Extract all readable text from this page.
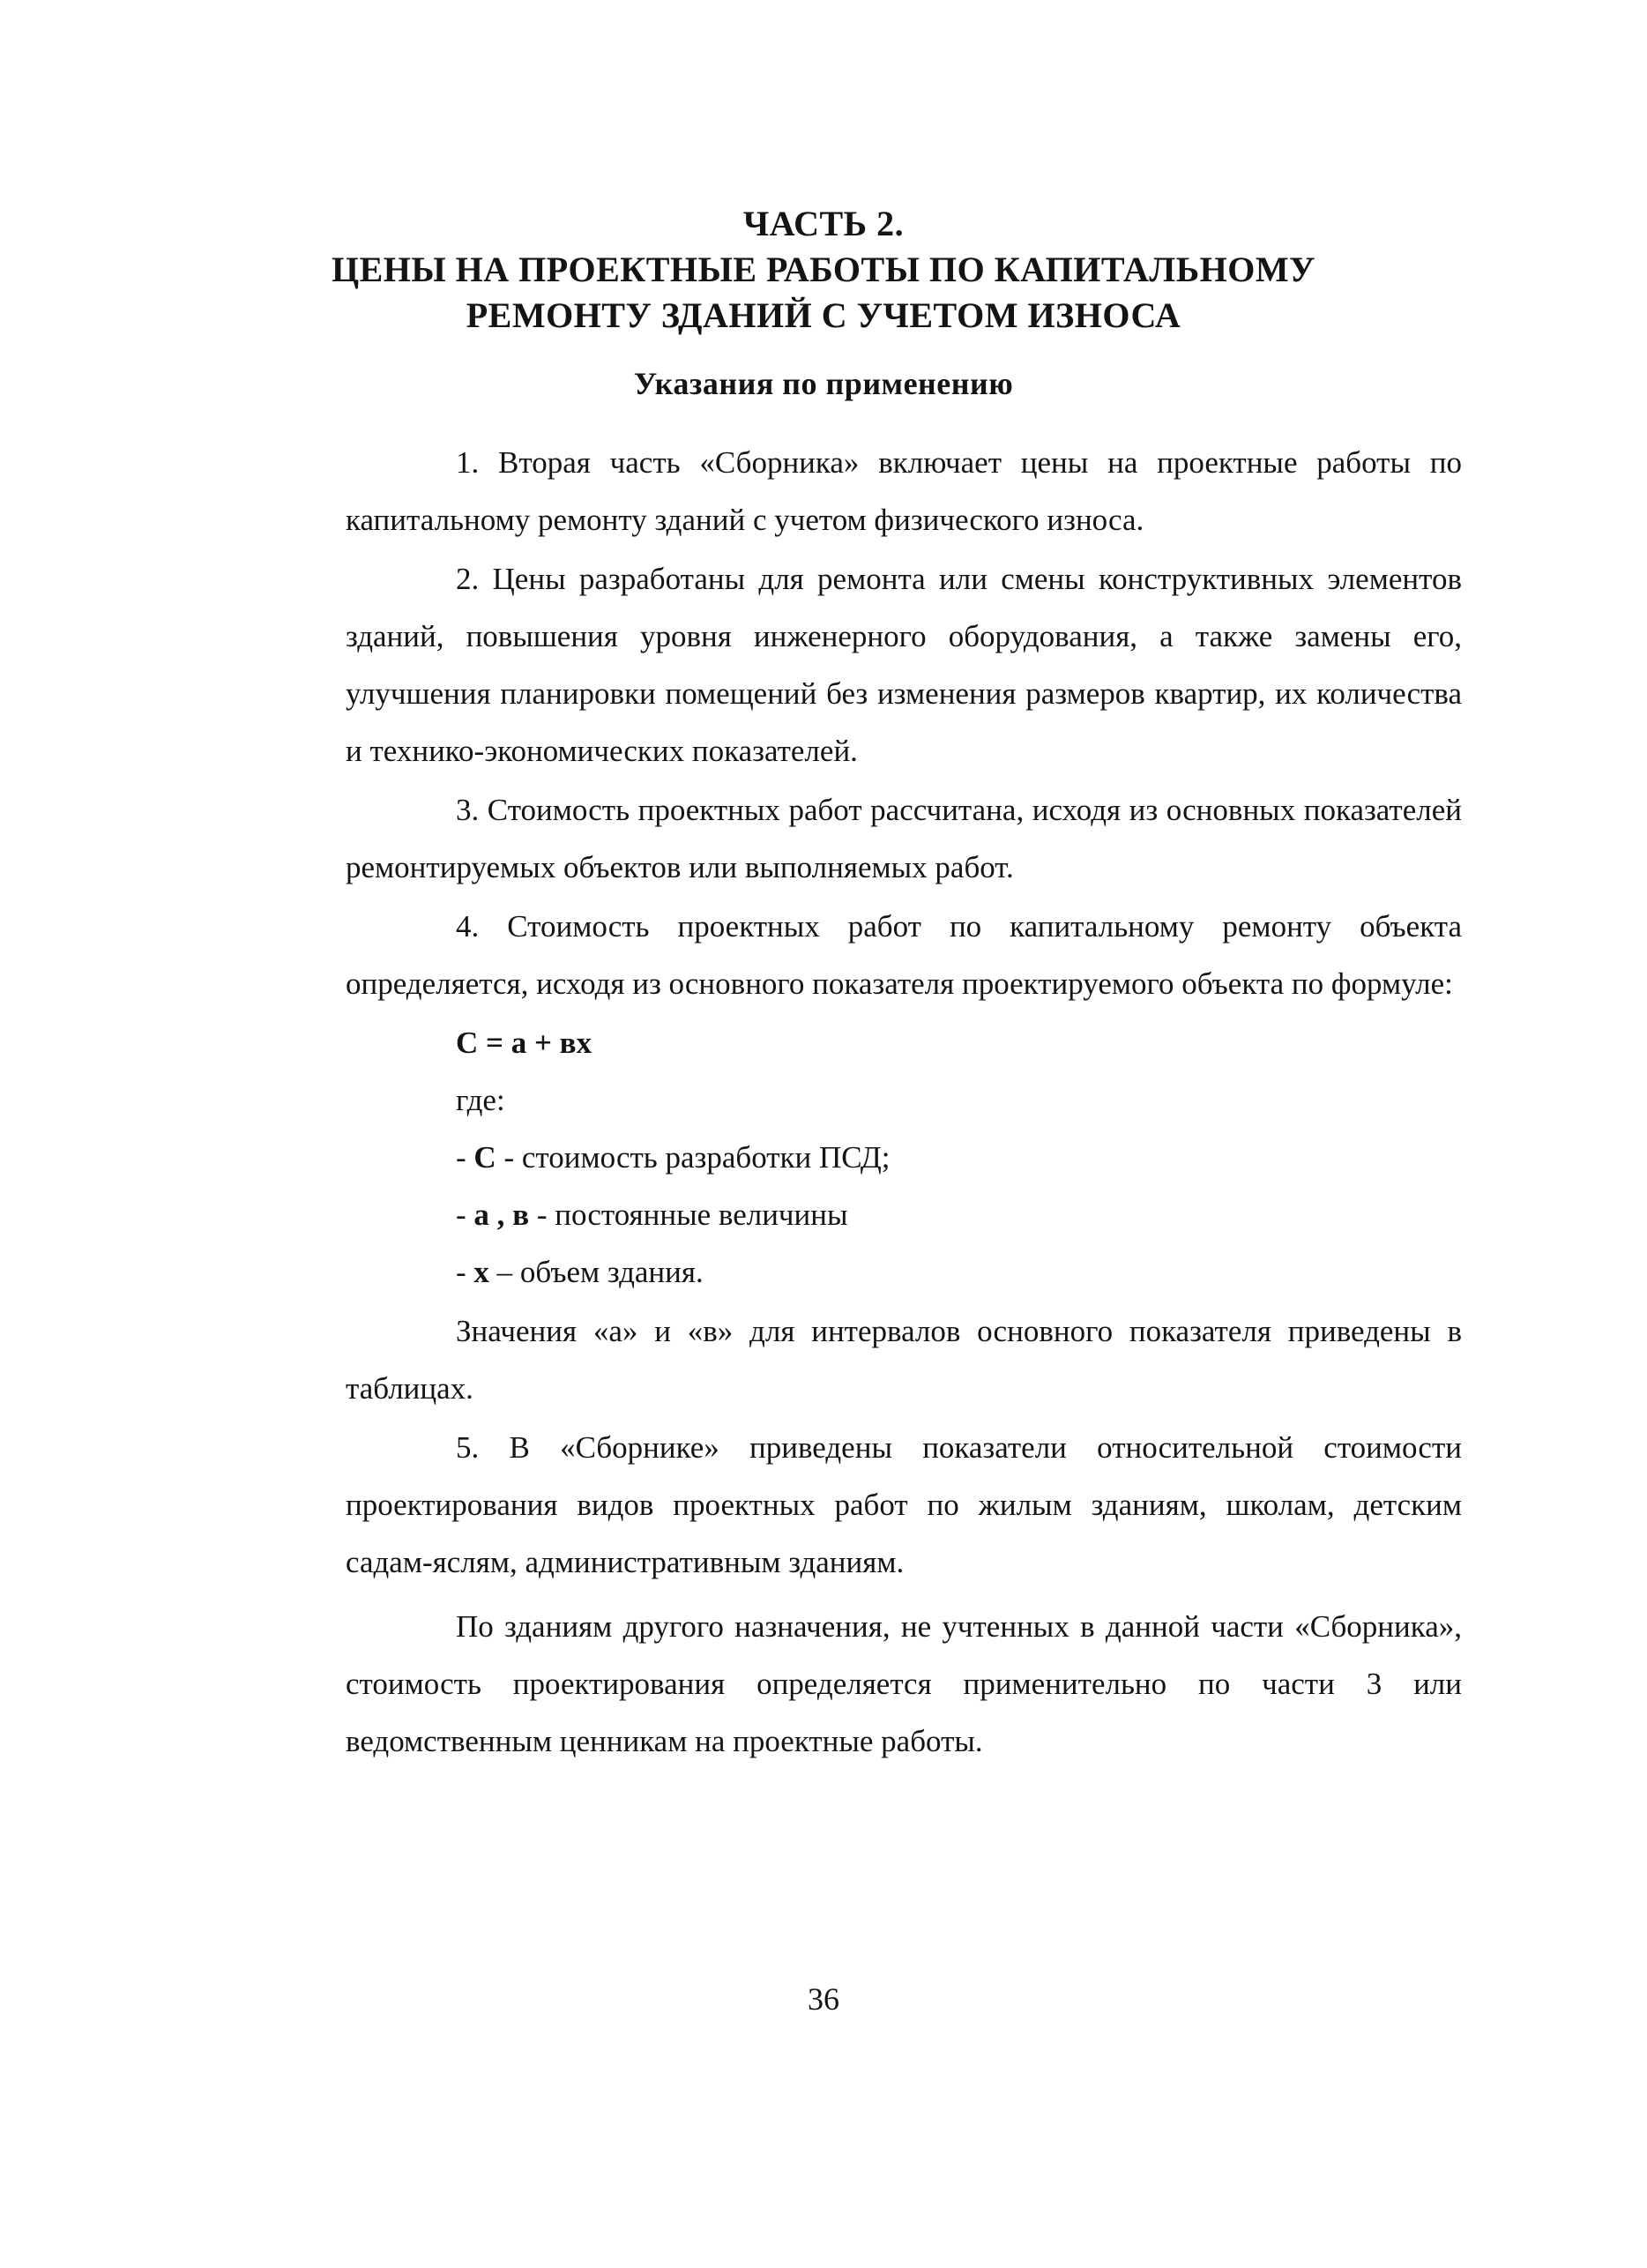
ЧАСТЬ 2.
ЦЕНЫ НА ПРОЕКТНЫЕ РАБОТЫ ПО КАПИТАЛЬНОМУ
РЕМОНТУ ЗДАНИЙ С УЧЕТОМ ИЗНОСА
Указания по применению

1. Вторая часть «Сборника» включает цены на проектные работы по капитальному ремонту зданий с учетом физического износа.

2. Цены разработаны для ремонта или смены конструктивных элементов зданий, повышения уровня инженерного оборудования, а также замены его, улучшения планировки помещений без изменения размеров квартир, их количества и технико-экономических показателей.

3. Стоимость проектных работ рассчитана, исходя из основных показателей ремонтируемых объектов или выполняемых работ.

4. Стоимость проектных работ по капитальному ремонту объекта определяется, исходя из основного показателя проектируемого объекта по формуле:

С = а + вх

где:

- С - стоимость разработки ПСД;

- а , в - постоянные величины

- х – объем здания.

Значения «а» и «в» для интервалов основного показателя приведены в таблицах.

5. В «Сборнике» приведены показатели относительной стоимости проектирования видов проектных работ по жилым зданиям, школам, детским садам-яслям, административным зданиям.

По зданиям другого назначения, не учтенных в данной части «Сборника», стоимость проектирования определяется применительно по части 3 или ведомственным ценникам на проектные работы.

36
